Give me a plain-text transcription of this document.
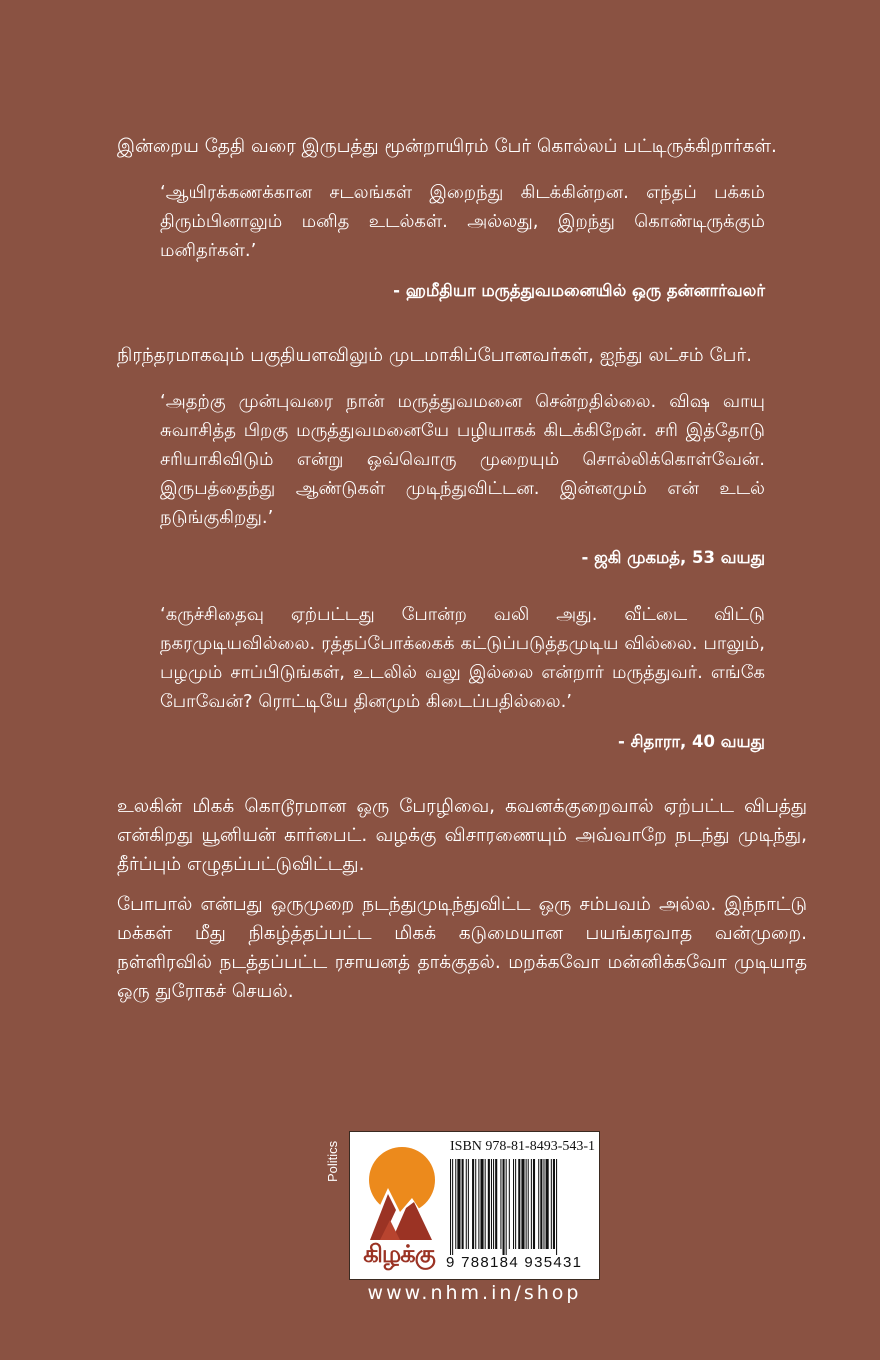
இன்றைய தேதி வரை இருபத்து மூன்றாயிரம் பேர் கொல்லப் பட்டிருக்கிறார்கள்.

‘ஆயிரக்கணக்கான சடலங்கள் இறைந்து கிடக்கின்றன. எந்தப் பக்கம் திரும்பினாலும் மனித உடல்கள். அல்லது, இறந்து கொண்டிருக்கும் மனிதர்கள்.’

- ஹமீதியா மருத்துவமனையில் ஒரு தன்னார்வலர்

நிரந்தரமாகவும் பகுதியளவிலும் முடமாகிப்போனவர்கள், ஐந்து லட்சம் பேர்.

‘அதற்கு முன்புவரை நான் மருத்துவமனை சென்றதில்லை. விஷ வாயு சுவாசித்த பிறகு மருத்துவமனையே பழியாகக் கிடக்கிறேன். சரி இத்தோடு சரியாகிவிடும் என்று ஒவ்வொரு முறையும் சொல்லிக்கொள்வேன். இருபத்தைந்து ஆண்டுகள் முடிந்துவிட்டன. இன்னமும் என் உடல் நடுங்குகிறது.’

- ஜகி முகமத், 53 வயது

‘கருச்சிதைவு ஏற்பட்டது போன்ற வலி அது. வீட்டை விட்டு நகரமுடியவில்லை. ரத்தப்போக்கைக் கட்டுப்படுத்தமுடிய வில்லை. பாலும், பழமும் சாப்பிடுங்கள், உடலில் வலு இல்லை என்றார் மருத்துவர். எங்கே போவேன்? ரொட்டியே தினமும் கிடைப்பதில்லை.’

- சிதாரா, 40 வயது

உலகின் மிகக் கொடூரமான ஒரு பேரழிவை, கவனக்குறைவால் ஏற்பட்ட விபத்து என்கிறது யூனியன் கார்பைட். வழக்கு விசாரணையும் அவ்வாறே நடந்து முடிந்து, தீர்ப்பும் எழுதப்பட்டுவிட்டது.

போபால் என்பது ஒருமுறை நடந்துமுடிந்துவிட்ட ஒரு சம்பவம் அல்ல. இந்நாட்டு மக்கள் மீது நிகழ்த்தப்பட்ட மிகக் கடுமையான பயங்கரவாத வன்முறை. நள்ளிரவில் நடத்தப்பட்ட ரசாயனத் தாக்குதல். மறக்கவோ மன்னிக்கவோ முடியாத ஒரு துரோகச் செயல்.

Politics
கிழக்கு
ISBN 978-81-8493-543-1
9 788184 935431
www.nhm.in/shop
